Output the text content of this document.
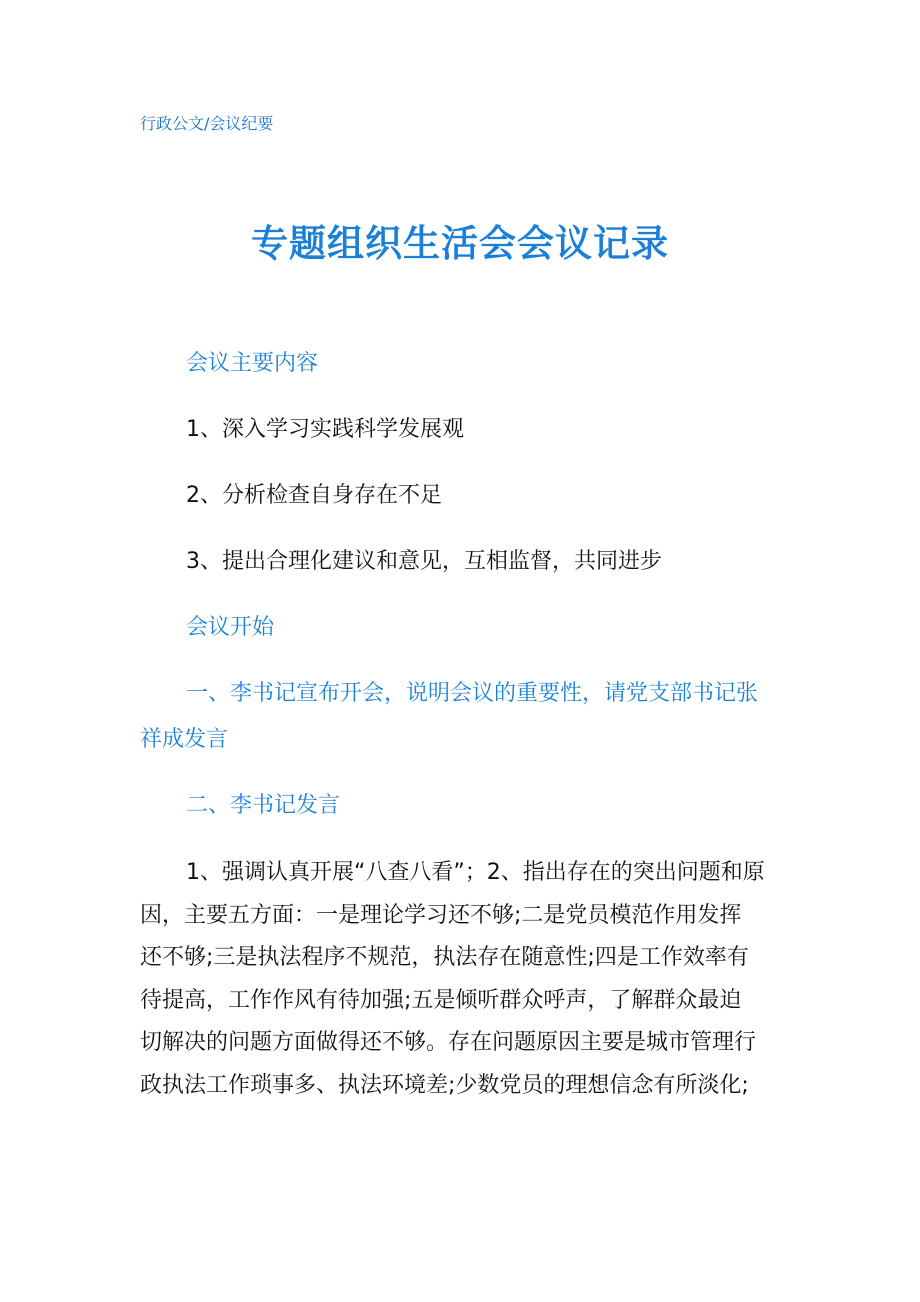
行政公文/会议纪要
专题组织生活会会议记录
会议主要内容
1、深入学习实践科学发展观
2、分析检查自身存在不足
3、提出合理化建议和意见，互相监督，共同进步
会议开始
一、李书记宣布开会，说明会议的重要性，请党支部书记张
祥成发言
二、李书记发言
1、强调认真开展“八查八看”；2、指出存在的突出问题和原
因，主要五方面：一是理论学习还不够;二是党员模范作用发挥
还不够;三是执法程序不规范，执法存在随意性;四是工作效率有
待提高，工作作风有待加强;五是倾听群众呼声，了解群众最迫
切解决的问题方面做得还不够。存在问题原因主要是城市管理行
政执法工作琐事多、执法环境差;少数党员的理想信念有所淡化;
